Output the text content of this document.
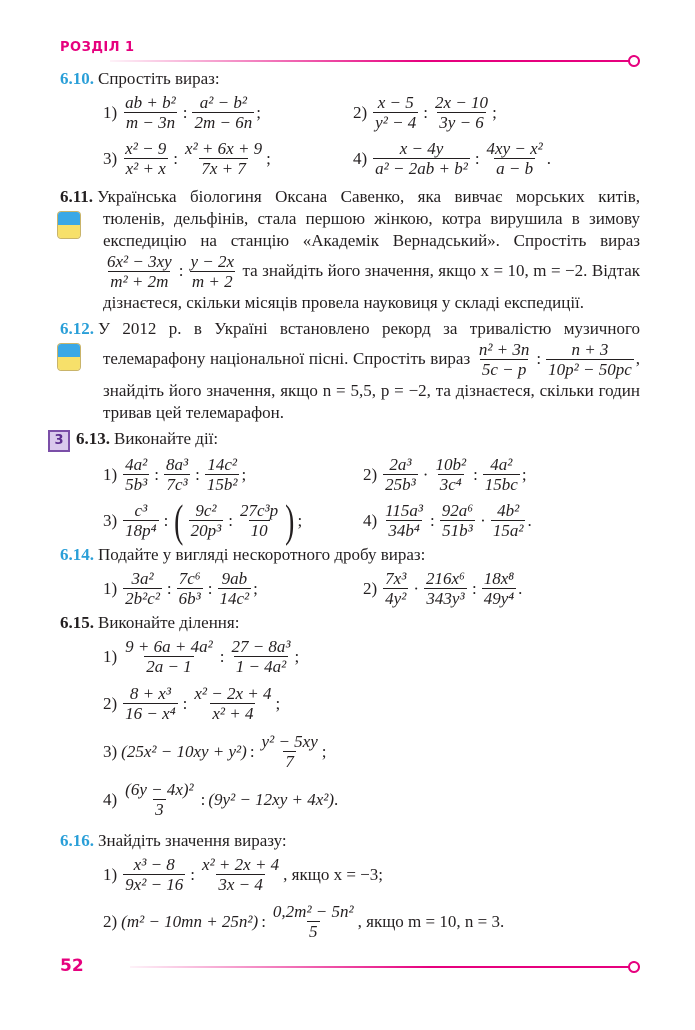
РОЗДІЛ 1
6.10. Спростіть вираз:
$1) \frac{\text{ab + b²}}{m - 3n}$ : $\frac{\text{a² − b²}}{2m - 6n}$ ;	$2) \frac{x - 5}{\text{y² − 4}}$ : $\frac{2x - 10}{3y - 6}$ ;
$3) \frac{\text{x² − 9}}{\text{x² + x}}$ : $\frac{\text{x² + 6x + 9}}{7x + 7}$ ;	$4) \frac{x - 4y}{\text{a² − 2ab + b²}}$ : $\frac{\text{4xy − x²}}{a - b}$ .
6.11. Українська біологиня Оксана Савенко, яка вивчає морських китів, тюленів, дельфінів, стала першою жінкою, котра вирушила в зимову експедицію на станцію «Академік Вернадський». Спростіть вираз
$\frac{\text{6x² − 3xy}}{\text{m² + 2m}}$ : $\frac{y - 2x}{m + 2}$ та знайдіть його значення, якщо x = 10, m = −2. Відтак дізнаєтеся, скільки місяців провела науковиця у складі експедиції.
6.12. У 2012 р. в Україні встановлено рекорд за тривалістю музичного телемарафону національної пісні. Спростіть вираз $\frac{\text{n² + 3n}}{5c - p}$ : $\frac{n + 3}{\text{10p² − 50pc}}$ , знайдіть його значення, якщо n = 5,5, p = −2, та дізнаєтеся, скільки годин тривав цей телемарафон.
3 6.13. Виконайте дії:
$1) \frac{\text{4a²}}{\text{5b³}}$ : $\frac{\text{8a³}}{\text{7c³}}$ : $\frac{\text{14c²}}{\text{15b²}}$ ;	$2) \frac{\text{2a³}}{\text{25b³}} \cdot \frac{\text{10b²}}{\text{3c⁴}}$ : $\frac{\text{4a²}}{15bc}$ ;
$3) \frac{\text{c³}}{\text{18p⁴}}$ : ( $\frac{\text{9c²}}{\text{20p³}}$ : $\frac{\text{27c³p}}{10}$ ) ;	$4) \frac{\text{115a³}}{\text{34b⁴}}$ : $\frac{\text{92a⁶}}{\text{51b³}} \cdot \frac{\text{4b²}}{\text{15a²}}$ .
6.14. Подайте у вигляді нескоротного дробу вираз:
$1) \frac{\text{3a²}}{\text{2b²c²}}$ : $\frac{\text{7c⁶}}{\text{6b³}}$ : $\frac{9ab}{\text{14c²}}$ ;	$2) \frac{\text{7x³}}{\text{4y²}} \cdot \frac{\text{216x⁶}}{\text{343y³}}$ : $\frac{\text{18x⁸}}{\text{49y⁴}}$ .
6.15. Виконайте ділення:
$1) \frac{\text{9 + 6a + 4a²}}{2a - 1}$ : $\frac{\text{27 − 8a³}}{\text{1 − 4a²}}$ ;
$2) \frac{\text{8 + x³}}{\text{16 − x⁴}}$ : $\frac{\text{x² − 2x + 4}}{\text{x² + 4}}$ ;
3) (25x² − 10xy + y²) : $\frac{\text{y² − 5xy}}{7}$ ;
$4) \frac{\text{(6y − 4x)²}}{3}$ : (9y² − 12xy + 4x²) .
6.16. Знайдіть значення виразу:
$1) \frac{\text{x³ − 8}}{\text{9x² − 16}}$ : $\frac{\text{x² + 2x + 4}}{3x - 4}$ , якщо x = −3;
2) (m² − 10mn + 25n²) : $\frac{\text{0,2m² − 5n²}}{5}$ , якщо m = 10, n = 3.
52
